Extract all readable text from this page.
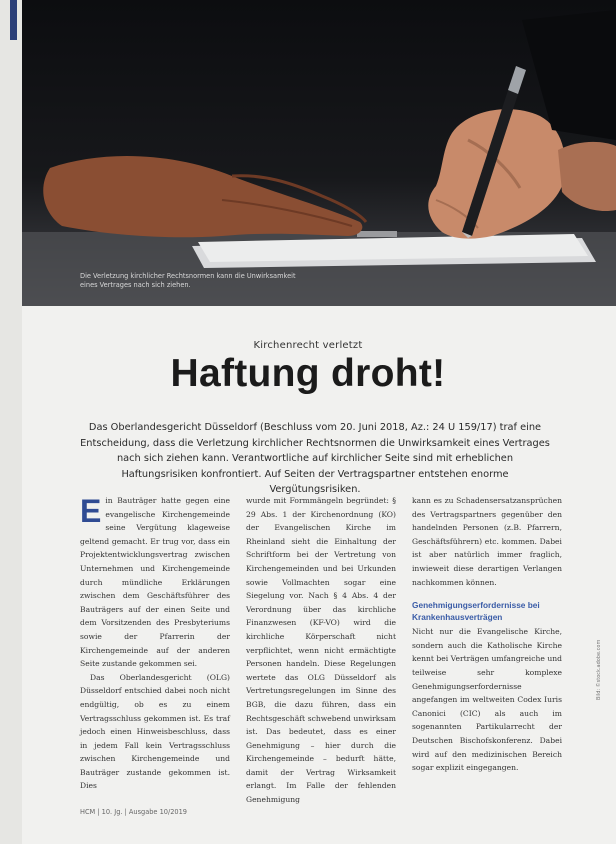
Die Verletzung kirchlicher Rechtsnormen kann die Unwirksamkeit eines Vertrages nach sich ziehen.
Kirchenrecht verletzt
Haftung droht!
Das Oberlandesgericht Düsseldorf (Beschluss vom 20. Juni 2018, Az.: 24 U 159/17) traf eine Entscheidung, dass die Verletzung kirchlicher Rechtsnormen die Unwirksamkeit eines Vertrages nach sich ziehen kann. Verantwortliche auf kirchlicher Seite sind mit erheblichen Haftungsrisiken konfrontiert. Auf Seiten der Vertragspartner entstehen enorme Vergütungsrisiken.

Ein Bauträger hatte gegen eine evangelische Kirchengemeinde seine Vergütung klageweise geltend gemacht. Er trug vor, dass ein Projektentwicklungsvertrag zwischen Unternehmen und Kirchengemeinde durch mündliche Erklärungen zwischen dem Geschäftsführer des Bauträgers auf der einen Seite und dem Vorsitzenden des Presbyteriums sowie der Pfarrerin der Kirchengemeinde auf der anderen Seite zustande gekommen sei.

Das Oberlandesgericht (OLG) Düsseldorf entschied dabei noch nicht endgültig, ob es zu einem Vertragsschluss gekommen ist. Es traf jedoch einen Hinweisbeschluss, dass in jedem Fall kein Vertragsschluss zwischen Kirchengemeinde und Bauträger zustande gekommen ist. Dies

wurde mit Formmängeln begründet: § 29 Abs. 1 der Kirchenordnung (KO) der Evangelischen Kirche im Rheinland sieht die Einhaltung der Schriftform bei der Vertretung von Kirchengemeinden und bei Urkunden sowie Vollmachten sogar eine Siegelung vor. Nach § 4 Abs. 4 der Verordnung über das kirchliche Finanzwesen (KF-VO) wird die kirchliche Körperschaft nicht verpflichtet, wenn nicht ermächtigte Personen handeln. Diese Regelungen wertete das OLG Düsseldorf als Vertretungsregelungen im Sinne des BGB, die dazu führen, dass ein Rechtsgeschäft schwebend unwirksam ist. Das bedeutet, dass es einer Genehmigung – hier durch die Kirchengemeinde – bedurft hätte, damit der Vertrag Wirksamkeit erlangt. Im Falle der fehlenden Genehmigung

kann es zu Schadensersatzansprüchen des Vertragspartners gegenüber den handelnden Personen (z.B. Pfarrern, Geschäftsführern) etc. kommen. Dabei ist aber natürlich immer fraglich, inwieweit diese derartigen Verlangen nachkommen können.

Genehmigungserfordernisse bei Krankenhausverträgen

Nicht nur die Evangelische Kirche, sondern auch die Katholische Kirche kennt bei Verträgen umfangreiche und teilweise sehr komplexe Genehmigungserfordernisse angefangen im weltweiten Codex Iuris Canonici (CIC) als auch im sogenannten Partikularrecht der Deutschen Bischofskonferenz. Dabei wird auf den medizinischen Bereich sogar explizit eingegangen.

HCM | 10. Jg. | Ausgabe 10/2019
Bild: ©stock.adobe.com
